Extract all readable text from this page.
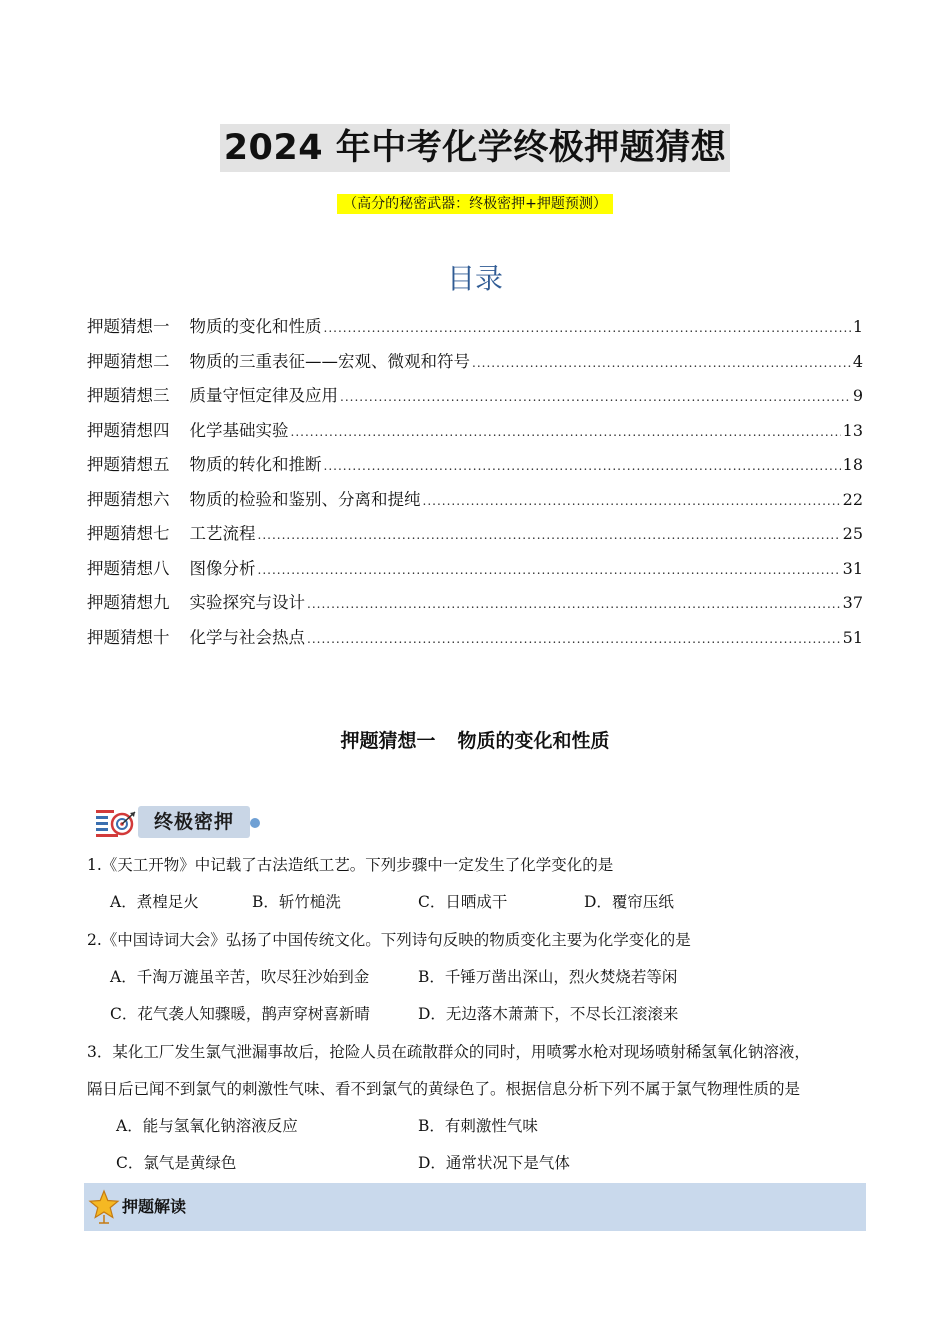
2024 年中考化学终极押题猜想
（高分的秘密武器：终极密押+押题预测）
目录
押题猜想一 物质的变化和性质 .....	1
押题猜想二 物质的三重表征——宏观、微观和符号 .....	4
押题猜想三 质量守恒定律及应用 .....	9
押题猜想四 化学基础实验 .....	13
押题猜想五 物质的转化和推断 .....	18
押题猜想六 物质的检验和鉴别、分离和提纯 .....	22
押题猜想七 工艺流程 .....	25
押题猜想八 图像分析 .....	31
押题猜想九 实验探究与设计 .....	37
押题猜想十 化学与社会热点 .....	51
押题猜想一 物质的变化和性质
终极密押
1.《天工开物》中记载了古法造纸工艺。下列步骤中一定发生了化学变化的是
A．煮楻足火	B．斩竹槌洗	C．日晒成干	D．覆帘压纸
2.《中国诗词大会》弘扬了中国传统文化。下列诗句反映的物质变化主要为化学变化的是
A．千淘万漉虽辛苦，吹尽狂沙始到金	B．千锤万凿出深山，烈火焚烧若等闲
C．花气袭人知骤暖，鹊声穿树喜新晴	D．无边落木萧萧下，不尽长江滚滚来
3．某化工厂发生氯气泄漏事故后，抢险人员在疏散群众的同时，用喷雾水枪对现场喷射稀氢氧化钠溶液，
隔日后已闻不到氯气的刺激性气味、看不到氯气的黄绿色了。根据信息分析下列不属于氯气物理性质的是
A．能与氢氧化钠溶液反应	B．有刺激性气味
C．氯气是黄绿色	D．通常状况下是气体
押题解读
